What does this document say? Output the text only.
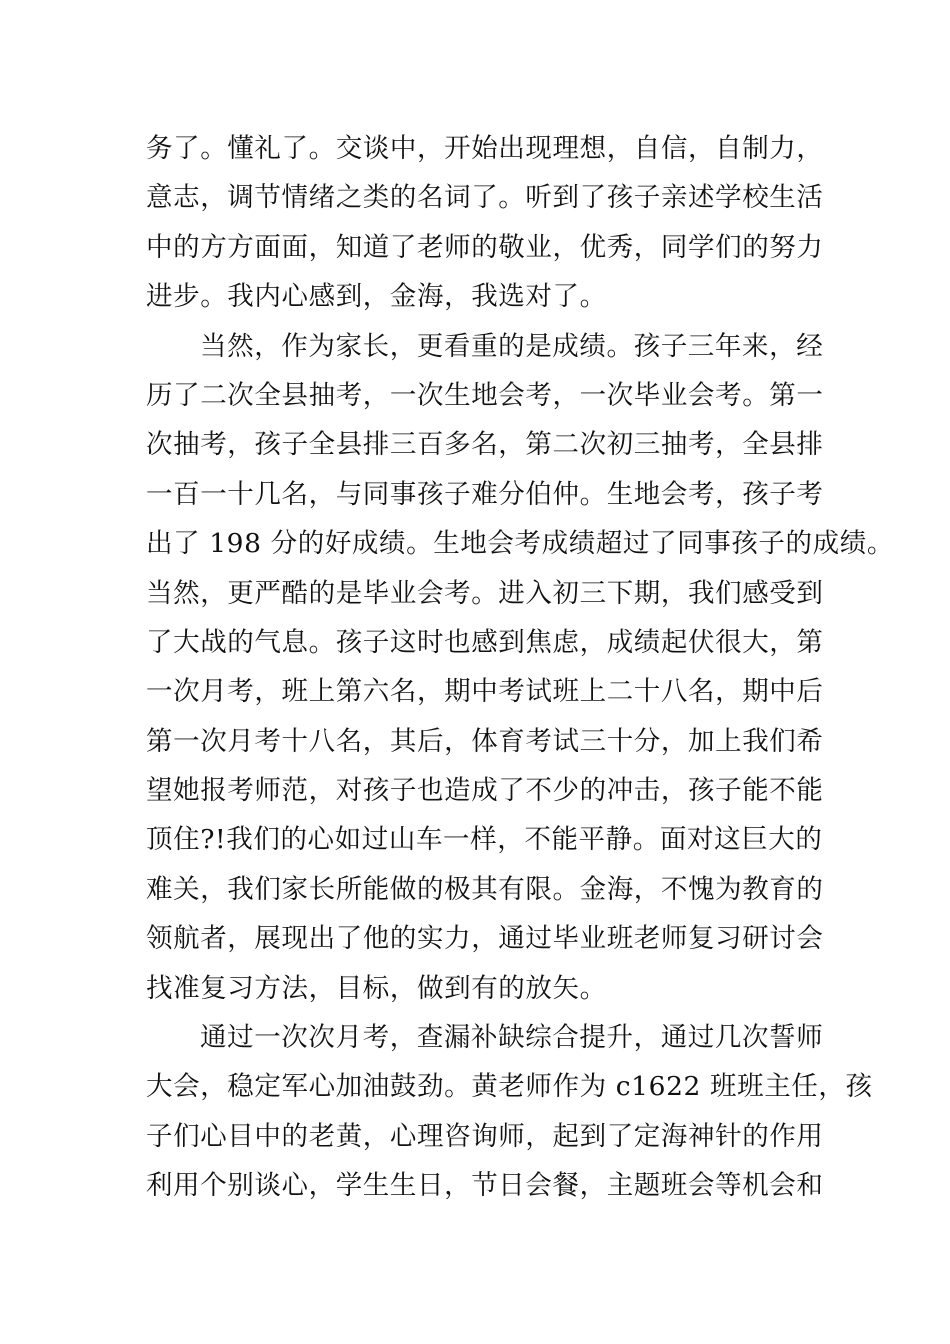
务了。懂礼了。交谈中，开始出现理想，自信，自制力，
意志，调节情绪之类的名词了。听到了孩子亲述学校生活
中的方方面面，知道了老师的敬业，优秀，同学们的努力
进步。我内心感到，金海，我选对了。
当然，作为家长，更看重的是成绩。孩子三年来，经
历了二次全县抽考，一次生地会考，一次毕业会考。第一
次抽考，孩子全县排三百多名，第二次初三抽考，全县排
一百一十几名，与同事孩子难分伯仲。生地会考，孩子考
出了 198 分的好成绩。生地会考成绩超过了同事孩子的成绩。
当然，更严酷的是毕业会考。进入初三下期，我们感受到
了大战的气息。孩子这时也感到焦虑，成绩起伏很大，第
一次月考，班上第六名，期中考试班上二十八名，期中后
第一次月考十八名，其后，体育考试三十分，加上我们希
望她报考师范，对孩子也造成了不少的冲击，孩子能不能
顶住?!我们的心如过山车一样，不能平静。面对这巨大的
难关，我们家长所能做的极其有限。金海，不愧为教育的
领航者，展现出了他的实力，通过毕业班老师复习研讨会
找准复习方法，目标，做到有的放矢。
通过一次次月考，查漏补缺综合提升，通过几次誓师
大会，稳定军心加油鼓劲。黄老师作为 c1622 班班主任，孩
子们心目中的老黄，心理咨询师，起到了定海神针的作用
利用个别谈心，学生生日，节日会餐，主题班会等机会和
